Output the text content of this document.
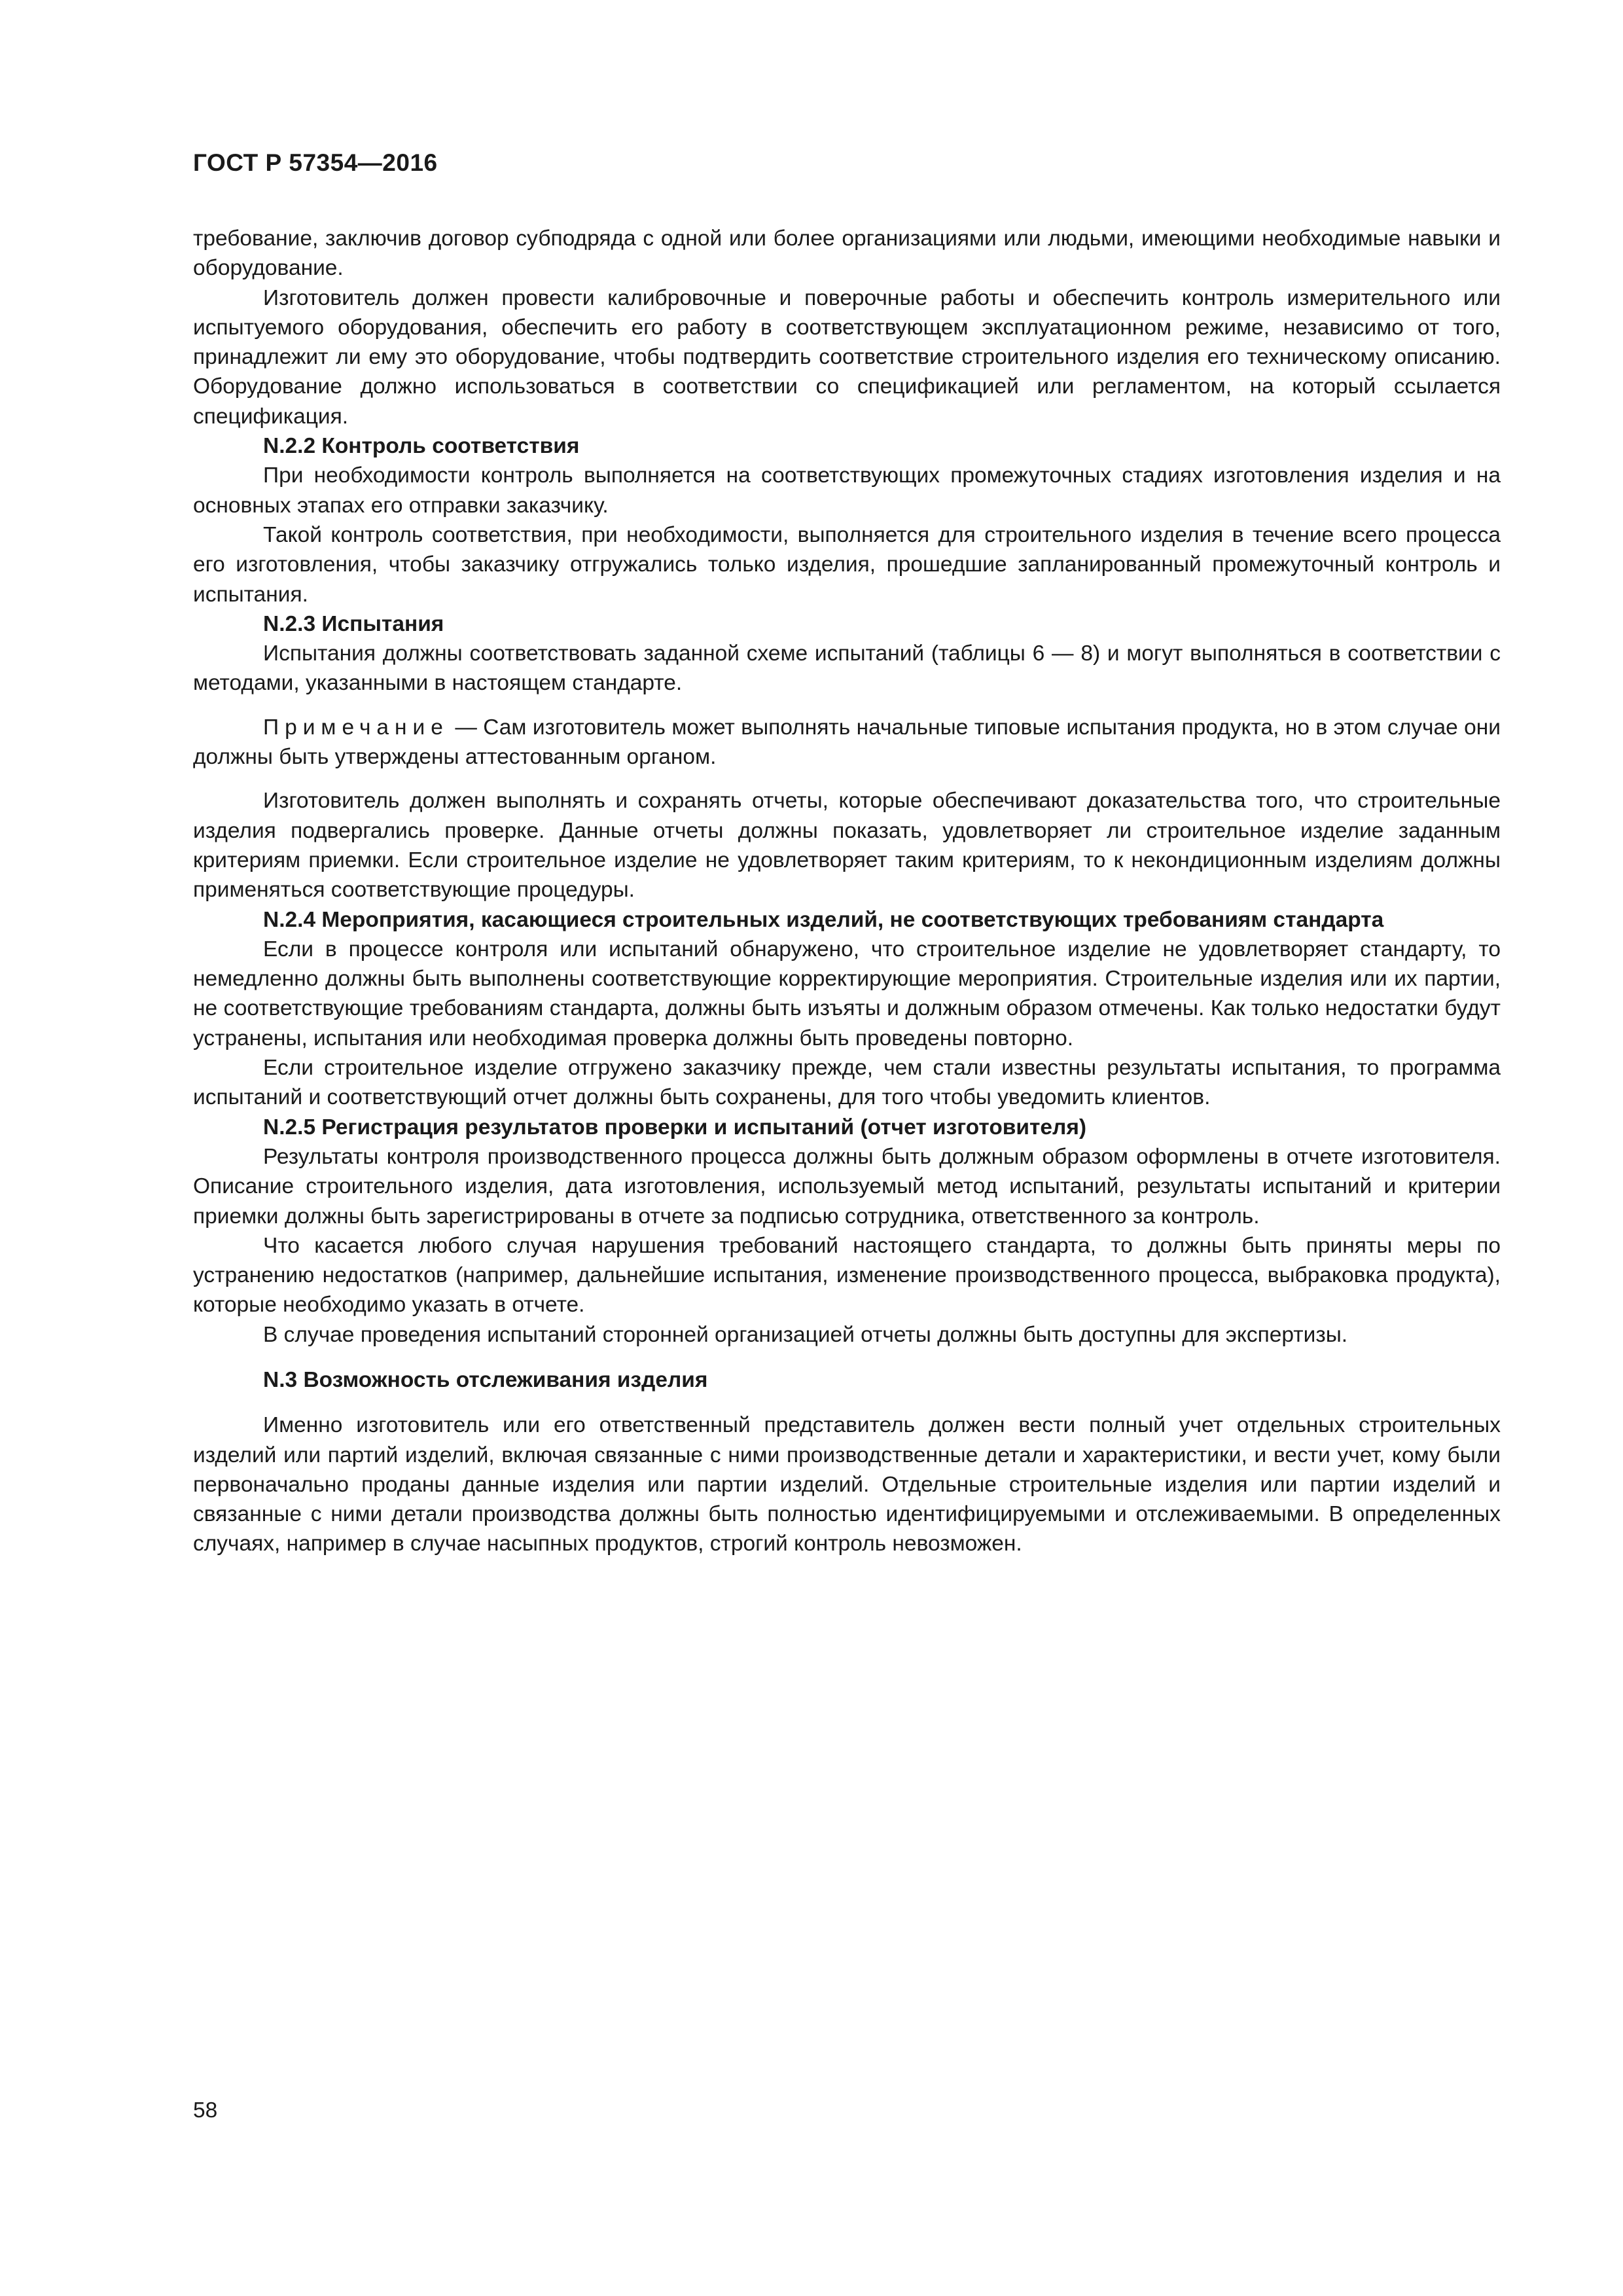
ГОСТ Р 57354—2016

требование, заключив договор субподряда с одной или более организациями или людьми, имеющими необходимые навыки и оборудование.

Изготовитель должен провести калибровочные и поверочные работы и обеспечить контроль измерительного или испытуемого оборудования, обеспечить его работу в соответствующем эксплуатационном режиме, независимо от того, принадлежит ли ему это оборудование, чтобы подтвердить соответствие строительного изделия его техническому описанию. Оборудование должно использоваться в соответствии со спецификацией или регламентом, на который ссылается спецификация.

N.2.2 Контроль соответствия

При необходимости контроль выполняется на соответствующих промежуточных стадиях изготовления изделия и на основных этапах его отправки заказчику.

Такой контроль соответствия, при необходимости, выполняется для строительного изделия в течение всего процесса его изготовления, чтобы заказчику отгружались только изделия, прошедшие запланированный промежуточный контроль и испытания.

N.2.3 Испытания

Испытания должны соответствовать заданной схеме испытаний (таблицы 6 — 8) и могут выполняться в соответствии с методами, указанными в настоящем стандарте.

Примечание — Сам изготовитель может выполнять начальные типовые испытания продукта, но в этом случае они должны быть утверждены аттестованным органом.

Изготовитель должен выполнять и сохранять отчеты, которые обеспечивают доказательства того, что строительные изделия подвергались проверке. Данные отчеты должны показать, удовлетворяет ли строительное изделие заданным критериям приемки. Если строительное изделие не удовлетворяет таким критериям, то к некондиционным изделиям должны применяться соответствующие процедуры.

N.2.4 Мероприятия, касающиеся строительных изделий, не соответствующих требованиям стандарта

Если в процессе контроля или испытаний обнаружено, что строительное изделие не удовлетворяет стандарту, то немедленно должны быть выполнены соответствующие корректирующие мероприятия. Строительные изделия или их партии, не соответствующие требованиям стандарта, должны быть изъяты и должным образом отмечены. Как только недостатки будут устранены, испытания или необходимая проверка должны быть проведены повторно.

Если строительное изделие отгружено заказчику прежде, чем стали известны результаты испытания, то программа испытаний и соответствующий отчет должны быть сохранены, для того чтобы уведомить клиентов.

N.2.5 Регистрация результатов проверки и испытаний (отчет изготовителя)

Результаты контроля производственного процесса должны быть должным образом оформлены в отчете изготовителя. Описание строительного изделия, дата изготовления, используемый метод испытаний, результаты испытаний и критерии приемки должны быть зарегистрированы в отчете за подписью сотрудника, ответственного за контроль.

Что касается любого случая нарушения требований настоящего стандарта, то должны быть приняты меры по устранению недостатков (например, дальнейшие испытания, изменение производственного процесса, выбраковка продукта), которые необходимо указать в отчете.

В случае проведения испытаний сторонней организацией отчеты должны быть доступны для экспертизы.

N.3 Возможность отслеживания изделия

Именно изготовитель или его ответственный представитель должен вести полный учет отдельных строительных изделий или партий изделий, включая связанные с ними производственные детали и характеристики, и вести учет, кому были первоначально проданы данные изделия или партии изделий. Отдельные строительные изделия или партии изделий и связанные с ними детали производства должны быть полностью идентифицируемыми и отслеживаемыми. В определенных случаях, например в случае насыпных продуктов, строгий контроль невозможен.

58
